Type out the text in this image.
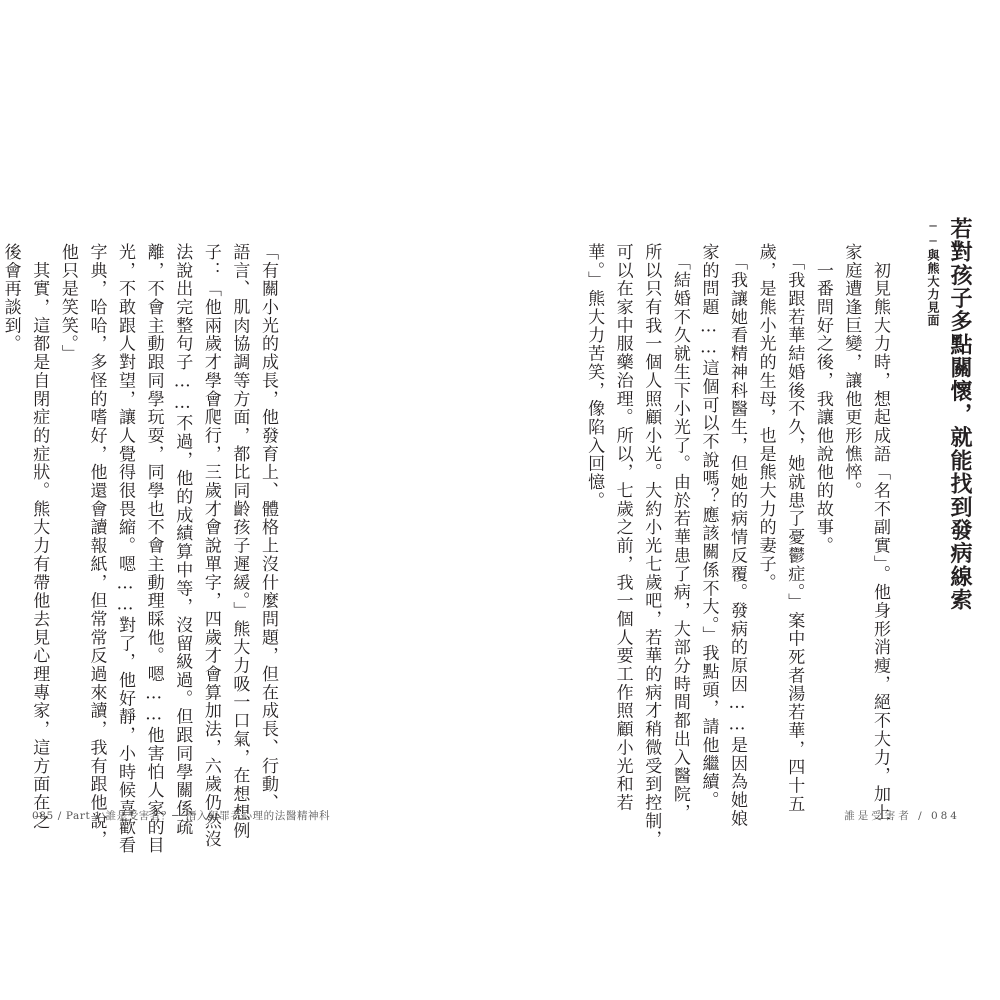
「有關小光的成長，他發育上、體格上沒什麼問題，但在成長、行動、

語言、肌肉協調等方面，都比同齡孩子遲緩。」熊大力吸一口氣，在想想例

子：「他兩歲才學會爬行，三歲才會說單字，四歲才會算加法，六歲仍然沒

法說出完整句子……不過，他的成績算中等，沒留級過。但跟同學關係疏

離，不會主動跟同學玩耍，同學也不會主動理睬他。嗯……他害怕人家的目

光，不敢跟人對望，讓人覺得很畏縮。嗯……對了，他好靜，小時候喜歡看

字典，哈哈，多怪的嗜好，他還會讀報紙，但常常反過來讀，我有跟他說，

他只是笑笑。」

　其實，這都是自閉症的症狀。熊大力有帶他去見心理專家，這方面在之

後會再談到。

085 / Part 1 誰是受害者？──潛入犯罪者心理的法醫精神科

若對孩子多點關懷，就能找到發病線索

──與熊大力見面

　初見熊大力時，想起成語「名不副實」。他身形消瘦，絕不大力，加上

家庭遭逢巨變，讓他更形憔悴。

　一番問好之後，我讓他說他的故事。

　「我跟若華結婚後不久，她就患了憂鬱症。」案中死者湯若華，四十五

歲，是熊小光的生母，也是熊大力的妻子。

　「我讓她看精神科醫生，但她的病情反覆。發病的原因……是因為她娘

家的問題……這個可以不說嗎？應該關係不大。」我點頭，請他繼續。

　「結婚不久就生下小光了。由於若華患了病，大部分時間都出入醫院，

所以只有我一個人照顧小光。大約小光七歲吧，若華的病才稍微受到控制，

可以在家中服藥治理。所以，七歲之前，我一個人要工作照顧小光和若

華。」熊大力苦笑，像陷入回憶。

誰是受害者 / 084
